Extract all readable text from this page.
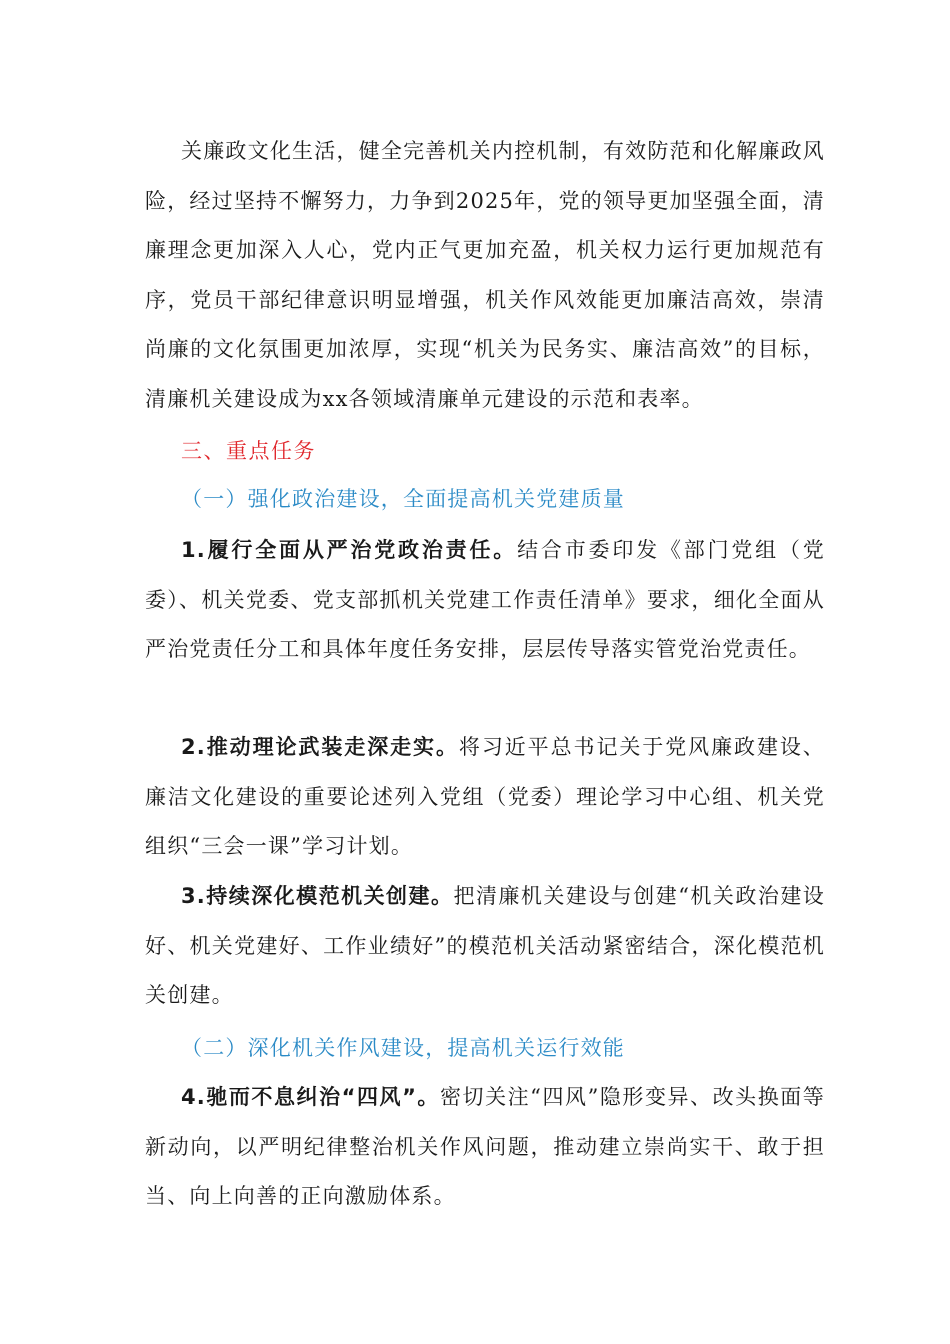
关廉政文化生活，健全完善机关内控机制，有效防范和化解廉政风险，经过坚持不懈努力，力争到2025年，党的领导更加坚强全面，清廉理念更加深入人心，党内正气更加充盈，机关权力运行更加规范有序，党员干部纪律意识明显增强，机关作风效能更加廉洁高效，崇清尚廉的文化氛围更加浓厚，实现“机关为民务实、廉洁高效”的目标，清廉机关建设成为xx各领域清廉单元建设的示范和表率。

三、重点任务

（一）强化政治建设，全面提高机关党建质量

1.履行全面从严治党政治责任。结合市委印发《部门党组（党委）、机关党委、党支部抓机关党建工作责任清单》要求，细化全面从严治党责任分工和具体年度任务安排，层层传导落实管党治党责任。

2.推动理论武装走深走实。将习近平总书记关于党风廉政建设、廉洁文化建设的重要论述列入党组（党委）理论学习中心组、机关党组织“三会一课”学习计划。

3.持续深化模范机关创建。把清廉机关建设与创建“机关政治建设好、机关党建好、工作业绩好”的模范机关活动紧密结合，深化模范机关创建。

（二）深化机关作风建设，提高机关运行效能

4.驰而不息纠治“四风”。密切关注“四风”隐形变异、改头换面等新动向，以严明纪律整治机关作风问题，推动建立崇尚实干、敢于担当、向上向善的正向激励体系。
